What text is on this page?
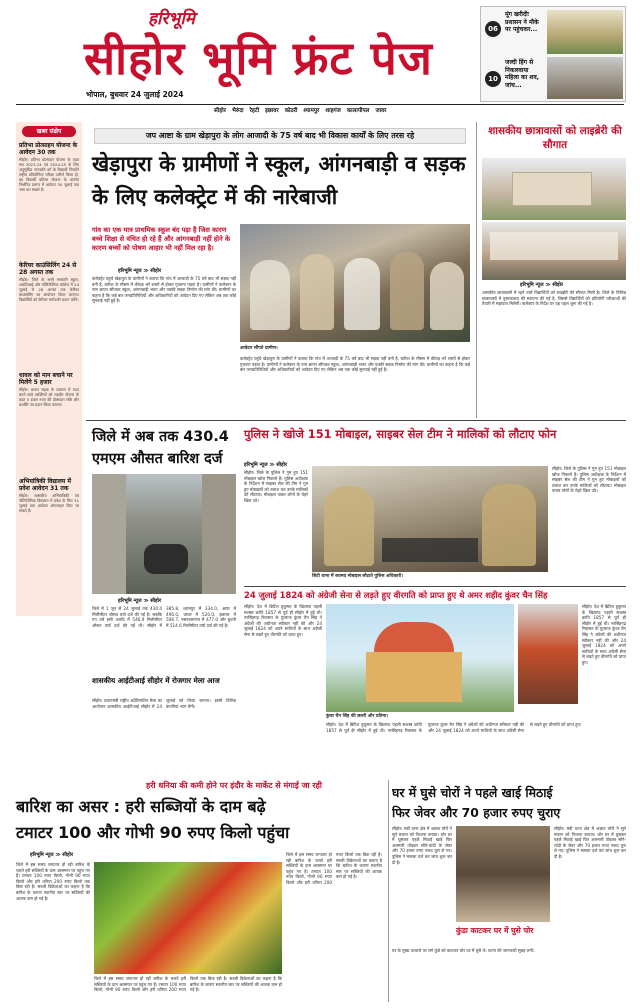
हरिभूमि
सीहोर भूमि फ्रंट पेज
भोपाल, बुधवार 24 जुलाई 2024
सीहोर भैरुंदा रेहटी इछावर कोठरी श्यामपुर शाहगंज कालापीपल जावर
06
मूंग खरीदीः प्रशासन ने मौके पर पहुंचकर...
10
जल्दी हिंग से निकलवाया महिला का शव, जांच...
खबर संक्षेप
प्रतिभा प्रोत्साहन योजना के आवेदन 30 तक
सीहोर। प्रतिभा प्रोत्साहन योजना के तहत सत्र 2023-24 एवं 2024-25 के लिए अनुसूचित जनजाति वर्ग के विद्यार्थी जिन्होंने राष्ट्रीय प्रतियोगिता परीक्षा उत्तीर्ण किया हो, वह विद्यार्थी प्रतिभा योजना के अंतर्गत निर्धारित प्रारूप में आवेदन 30 जुलाई तक जमा कर सकते हैं।
केरियर काउंसिलिंग 24 से 28 अगस्त तक
सीहोर। जिले के सभी सरकारी स्कूल, आईटीआई और पॉलिटेक्निक कॉलेज में 24 जुलाई से 28 अगस्त तक केरियर काउंसलिंग का आयोजन किया जाएगा। विद्यार्थियों को केरियर मार्गदर्शन प्रदान करेंगे।
धावल को मान बचाने पर मिलेंगे 5 हजार
सीहोर। धावल सड़क के प्रकरण में मदद करने वाले व्यक्तियों को राहवीर योजना के तहत 5 हजार रुपए की प्रोत्साहन राशि और प्रशस्ति पत्र प्रदान किया जाएगा।
अभियांत्रिकी विद्यालय में प्रवेश आवेदन 31 तक
सीहोर। शासकीय अभियांत्रिकी एवं पॉलिटेक्निक विद्यालय में प्रवेश के लिए 31 जुलाई तक आवेदन ऑनलाइन किए जा सकते हैं।
जप आष्टा के ग्राम खेड़ापुरा के लोग आजादी के 75 वर्ष बाद भी विकास कार्यों के लिए तरस रहे
खेड़ापुरा के ग्रामीणों ने स्कूल, आंगनबाड़ी व सड़क के लिए कलेक्ट्रेट में की नारेबाजी
गांव का एक मात्र प्राथमिक स्कूल बंद पड़ा है जिस कारण बच्चे शिक्षा से वंचित हो रहे हैं और आंगनबाड़ी नहीं होने के कारण बच्चों को पोषण आहार भी नहीं मिल रहा है।
हरिभूमि न्यूज ≫ सीहोर
कलेक्ट्रेट पहुंचे खेड़ापुरा के ग्रामीणों ने बताया कि गांव में आजादी के 75 वर्ष बाद भी सड़क नहीं बनी है, बारिश के मौसम में कीचड़ भरे रास्तों से होकर गुजरना पड़ता है। ग्रामीणों ने कलेक्टर के नाम ज्ञापन सौंपकर स्कूल, आंगनबाड़ी भवन और पक्की सड़क निर्माण की मांग की। ग्रामीणों का कहना है कि कई बार जनप्रतिनिधियों और अधिकारियों को आवेदन दिए गए लेकिन अब तक कोई सुनवाई नहीं हुई है।
आवेदन सौंपते ग्रामीण।
कलेक्ट्रेट पहुंचे खेड़ापुरा के ग्रामीणों ने बताया कि गांव में आजादी के 75 वर्ष बाद भी सड़क नहीं बनी है, बारिश के मौसम में कीचड़ भरे रास्तों से होकर गुजरना पड़ता है। ग्रामीणों ने कलेक्टर के नाम ज्ञापन सौंपकर स्कूल, आंगनबाड़ी भवन और पक्की सड़क निर्माण की मांग की। ग्रामीणों का कहना है कि कई बार जनप्रतिनिधियों और अधिकारियों को आवेदन दिए गए लेकिन अब तक कोई सुनवाई नहीं हुई है।
शासकीय छात्रावासों को लाइब्रेरी की सौगात
हरिभूमि न्यूज ≫ सीहोर
शासकीय छात्रावासों में रहने वाले विद्यार्थियों को लाइब्रेरी की सौगात मिली है। जिले के विभिन्न छात्रावासों में पुस्तकालय की स्थापना की गई है, जिससे विद्यार्थियों को प्रतियोगी परीक्षाओं की तैयारी में सहायता मिलेगी। कलेक्टर के निर्देश पर यह पहल शुरू की गई है।
जिले में अब तक 430.4 एमएम औसत बारिश दर्ज
हरिभूमि न्यूज ≫ सीहोर
जिले में 1 जून से 24 जुलाई तक 430.4 मिलीमीटर औसत वर्षा दर्ज की गई है। जबकि गत वर्ष इसी अवधि में 546.9 मिलीमीटर औसत वर्षा दर्ज की गई थी। सीहोर में 385.8, श्यामपुर में 334.0, आष्टा में 496.0, जावर में 520.0, इछावर में 506.7, नसरुल्लागंज में 477.0 और बुधनी में 514.6 मिलीमीटर वर्षा दर्ज की गई है।
पुलिस ने खोजे 151 मोबाइल, साइबर सेल टीम ने मालिकों को लौटाए फोन
हरिभूमि न्यूज ≫ सीहोर
सीहोर। जिले के पुलिस ने गुम हुए 151 मोबाइल खोज निकाले हैं। पुलिस अधीक्षक के निर्देशन में साइबर सेल की टीम ने गुम हुए मोबाइलों को तलाश कर उनके मालिकों को लौटाया। मोबाइल पाकर लोगों के चेहरे खिल उठे।
सिटी थाना में बरामद मोबाइल लौटाते पुलिस अधिकारी।
सीहोर। जिले के पुलिस ने गुम हुए 151 मोबाइल खोज निकाले हैं। पुलिस अधीक्षक के निर्देशन में साइबर सेल की टीम ने गुम हुए मोबाइलों को तलाश कर उनके मालिकों को लौटाया। मोबाइल पाकर लोगों के चेहरे खिल उठे।
24 जुलाई 1824 को अंग्रेजी सेना से लड़ते हुए वीरगति को प्राप्त हुए थे अमर शहीद कुंवर चैन सिंह
सीहोर। देश में ब्रिटिश हुकूमत के खिलाफ पहली सशस्त्र क्रांति 1857 से पूर्व ही सीहोर में हुई थी। नरसिंहगढ़ रियासत के युवराज कुंवर चैन सिंह ने अंग्रेजों की अधीनता स्वीकार नहीं की और 24 जुलाई 1824 को अपने साथियों के साथ अंग्रेजी सेना से लड़ते हुए वीरगति को प्राप्त हुए।
सीहोर। देश में ब्रिटिश हुकूमत के खिलाफ पहली सशस्त्र क्रांति 1857 से पूर्व ही सीहोर में हुई थी। नरसिंहगढ़ रियासत के युवराज कुंवर चैन सिंह ने अंग्रेजों की अधीनता स्वीकार नहीं की और 24 जुलाई 1824 को अपने साथियों के साथ अंग्रेजी सेना से लड़ते हुए वीरगति को प्राप्त हुए।
कुंवर चैन सिंह की छतरी और प्रतिमा।
सीहोर। देश में ब्रिटिश हुकूमत के खिलाफ पहली सशस्त्र क्रांति 1857 से पूर्व ही सीहोर में हुई थी। नरसिंहगढ़ रियासत के युवराज कुंवर चैन सिंह ने अंग्रेजों की अधीनता स्वीकार नहीं की और 24 जुलाई 1824 को अपने साथियों के साथ अंग्रेजी सेना से लड़ते हुए वीरगति को प्राप्त हुए।
शासकीय आईटीआई सीहोर में रोजगार मेला आज
सीहोर। प्रधानमंत्री राष्ट्रीय अप्रेंटिसशिप मेला का आयोजन शासकीय आईटीआई सीहोर में 24 जुलाई को किया जाएगा। इसमें विभिन्न कंपनियां भाग लेंगी।
हरी धनिया की कमी होने पर इंदौर के मार्केट से मंगाई जा रही
बारिश का असर : हरी सब्जियों के दाम बढ़े
टमाटर 100 और गोभी 90 रुपए किलो पहुंचा
हरिभूमि न्यूज ≫ सीहोर
जिले में इस समय लगातार हो रही बारिश के चलते हरी सब्जियों के दाम आसमान पर पहुंच गए हैं। टमाटर 100 रुपए किलो, गोभी 90 रुपए किलो और हरी धनिया 200 रुपए किलो तक बिक रही है। सब्जी विक्रेताओं का कहना है कि बारिश के कारण स्थानीय स्तर पर सब्जियों की आवक कम हो गई है।
जिले में इस समय लगातार हो रही बारिश के चलते हरी सब्जियों के दाम आसमान पर पहुंच गए हैं। टमाटर 100 रुपए किलो, गोभी 90 रुपए किलो और हरी धनिया 200 रुपए किलो तक बिक रही है। सब्जी विक्रेताओं का कहना है कि बारिश के कारण स्थानीय स्तर पर सब्जियों की आवक कम हो गई है।
जिले में इस समय लगातार हो रही बारिश के चलते हरी सब्जियों के दाम आसमान पर पहुंच गए हैं। टमाटर 100 रुपए किलो, गोभी 90 रुपए किलो और हरी धनिया 200 रुपए किलो तक बिक रही है। सब्जी विक्रेताओं का कहना है कि बारिश के कारण स्थानीय स्तर पर सब्जियों की आवक कम हो गई है।
घर में घुसे चोरों ने पहले खाई मिठाई
फिर जेवर और 70 हजार रुपए चुराए
सीहोर। मंडी थाना क्षेत्र में अज्ञात चोरों ने सूने मकान को निशाना बनाया। चोर घर में घुसकर पहले मिठाई खाई फिर अलमारी तोड़कर सोने-चांदी के जेवर और 70 हजार रुपए नकद चुरा ले गए। पुलिस ने मामला दर्ज कर जांच शुरू कर दी है।
सीहोर। मंडी थाना क्षेत्र में अज्ञात चोरों ने सूने मकान को निशाना बनाया। चोर घर में घुसकर पहले मिठाई खाई फिर अलमारी तोड़कर सोने-चांदी के जेवर और 70 हजार रुपए नकद चुरा ले गए। पुलिस ने मामला दर्ज कर जांच शुरू कर दी है।
कुंडा काटकर घर में घुसे चोर
घर के मुख्य दरवाजे पर लगे कुंडे को काटकर चोर घर में घुसे थे। घटना की जानकारी सुबह लगी।
